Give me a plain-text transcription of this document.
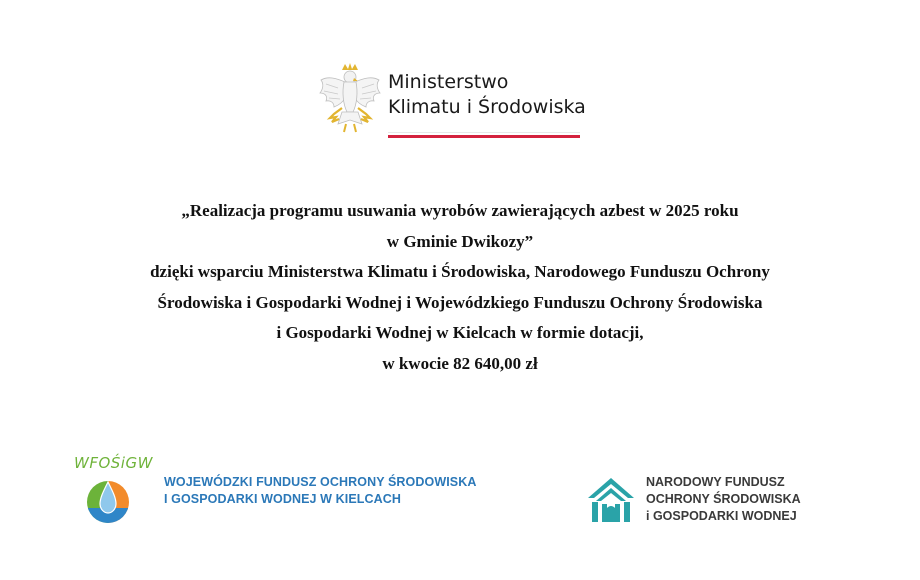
Ministerstwo
Klimatu i Środowiska
„Realizacja programu usuwania wyrobów zawierających azbest w 2025 roku
w Gminie Dwikozy”
dzięki wsparciu Ministerstwa Klimatu i Środowiska, Narodowego Funduszu Ochrony
Środowiska i Gospodarki Wodnej i Wojewódzkiego Funduszu Ochrony Środowiska
i Gospodarki Wodnej w Kielcach w formie dotacji,
w kwocie 82 640,00 zł
WFOŚiGW
WOJEWÓDZKI FUNDUSZ OCHRONY ŚRODOWISKA
I GOSPODARKI WODNEJ W KIELCACH
NARODOWY FUNDUSZ
OCHRONY ŚRODOWISKA
i GOSPODARKI WODNEJ
